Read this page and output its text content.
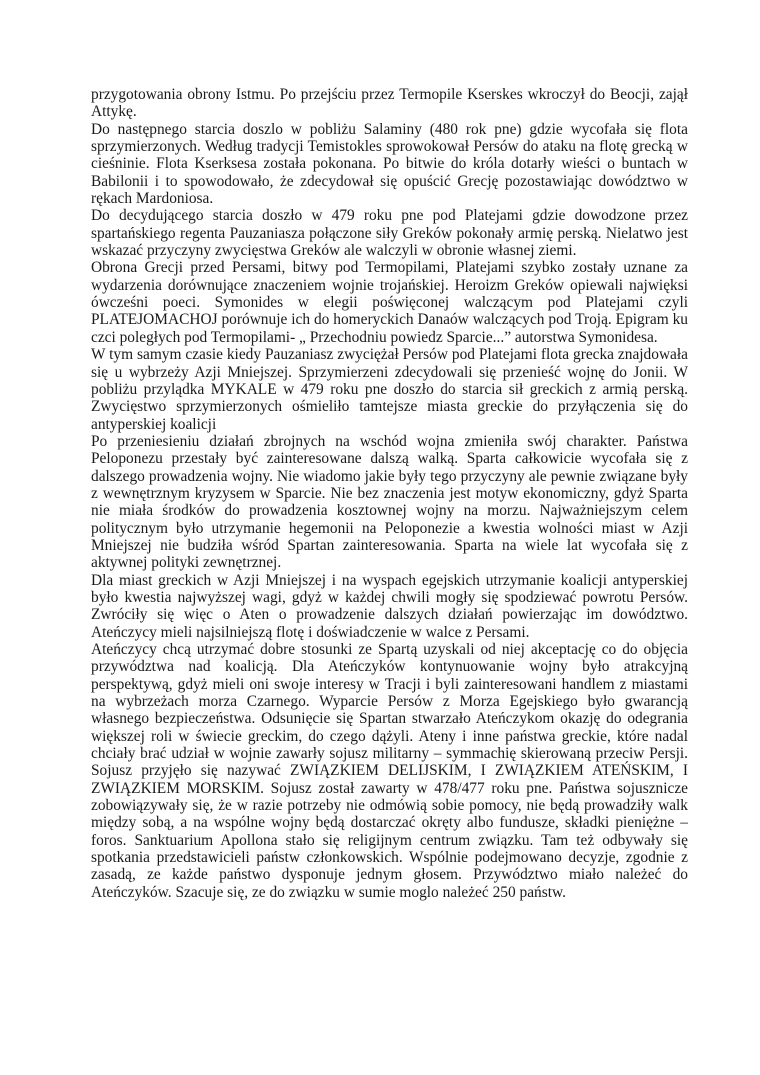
przygotowania obrony Istmu. Po przejściu przez Termopile Kserskes wkroczył do Beocji, zajął Attykę.

Do następnego starcia doszlo w pobliżu Salaminy (480 rok pne) gdzie wycofała się flota sprzymierzonych. Według tradycji Temistokles sprowokował Persów do ataku na flotę grecką w cieśninie. Flota Kserksesa została pokonana. Po bitwie do króla dotarły wieści o buntach w Babilonii i to spowodowało, że zdecydował się opuścić Grecję pozostawiając dowództwo w rękach Mardoniosa.

Do decydującego starcia doszło w 479 roku pne pod Platejami gdzie dowodzone przez spartańskiego regenta Pauzaniasza połączone siły Greków pokonały armię perską. Nielatwo jest wskazać przyczyny zwycięstwa Greków ale walczyli w obronie własnej ziemi.

Obrona Grecji przed Persami, bitwy pod Termopilami, Platejami szybko zostały uznane za wydarzenia dorównujące znaczeniem wojnie trojańskiej. Heroizm Greków opiewali najwięksi ówcześni poeci. Symonides w elegii poświęconej walczącym pod Platejami czyli PLATEJOMACHOJ porównuje ich do homeryckich Danaów walczących pod Troją. Epigram ku czci poległych pod Termopilami- „ Przechodniu powiedz Sparcie...” autorstwa Symonidesa.

W tym samym czasie kiedy Pauzaniasz zwyciężał Persów pod Platejami flota grecka znajdowała się u wybrzeży Azji Mniejszej. Sprzymierzeni zdecydowali się przenieść wojnę do Jonii. W pobliżu przylądka MYKALE w 479 roku pne doszło do starcia sił greckich z armią perską. Zwycięstwo sprzymierzonych ośmieliło tamtejsze miasta greckie do przyłączenia się do antyperskiej koalicji

Po przeniesieniu działań zbrojnych na wschód wojna zmieniła swój charakter. Państwa Peloponezu przestały być zainteresowane dalszą walką. Sparta całkowicie wycofała się z dalszego prowadzenia wojny. Nie wiadomo jakie były tego przyczyny ale pewnie związane były z wewnętrznym kryzysem w Sparcie. Nie bez znaczenia jest motyw ekonomiczny, gdyż Sparta nie miała środków do prowadzenia kosztownej wojny na morzu. Najważniejszym celem politycznym było utrzymanie hegemonii na Peloponezie a kwestia wolności miast w Azji Mniejszej nie budziła wśród Spartan zainteresowania. Sparta na wiele lat wycofała się z aktywnej polityki zewnętrznej.

Dla miast greckich w Azji Mniejszej i na wyspach egejskich utrzymanie koalicji antyperskiej było kwestia najwyższej wagi, gdyż w każdej chwili mogły się spodziewać powrotu Persów. Zwróciły się więc o Aten o prowadzenie dalszych działań powierzając im dowództwo. Ateńczycy mieli najsilniejszą flotę i doświadczenie w walce z Persami.

Ateńczycy chcą utrzymać dobre stosunki ze Spartą uzyskali od niej akceptację co do objęcia przywództwa nad koalicją. Dla Ateńczyków kontynuowanie wojny było atrakcyjną perspektywą, gdyż mieli oni swoje interesy w Tracji i byli zainteresowani handlem z miastami na wybrzeżach morza Czarnego. Wyparcie Persów z Morza Egejskiego było gwarancją własnego bezpieczeństwa. Odsunięcie się Spartan stwarzało Ateńczykom okazję do odegrania większej roli w świecie greckim, do czego dążyli. Ateny i inne państwa greckie, które nadal chciały brać udział w wojnie zawarły sojusz militarny – symmachię skierowaną przeciw Persji. Sojusz przyjęło się nazywać ZWIĄZKIEM DELIJSKIM, I ZWIĄZKIEM ATEŃSKIM, I ZWIĄZKIEM MORSKIM. Sojusz został zawarty w 478/477 roku pne. Państwa sojusznicze zobowiązywały się, że w razie potrzeby nie odmówią sobie pomocy, nie będą prowadziły walk między sobą, a na wspólne wojny będą dostarczać okręty albo fundusze, składki pieniężne – foros. Sanktuarium Apollona stało się religijnym centrum związku. Tam też odbywały się spotkania przedstawicieli państw członkowskich. Wspólnie podejmowano decyzje, zgodnie z zasadą, ze każde państwo dysponuje jednym głosem. Przywództwo miało należeć do Ateńczyków. Szacuje się, ze do związku w sumie moglo należeć 250 państw.
